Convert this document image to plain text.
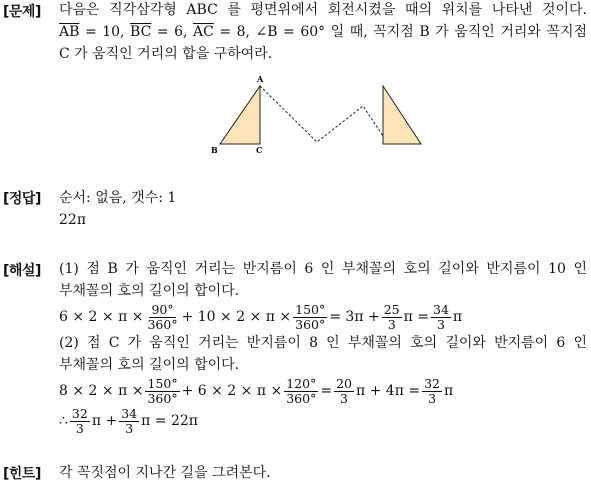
[문제] 다음은 직각삼각형 ABC 를 평면위에서 회전시켰을 때의 위치를 나타낸 것이다.
$\overline{AB} = 10$, $\overline{BC} = 6$, $\overline{AC} = 8$, ∠B = 60° 일 때, 꼭지점 B 가 움직인 거리와 꼭지점
C 가 움직인 거리의 합을 구하여라.
A
B	C
[정답] 순서: 없음, 갯수: 1
22π
[해설] (1) 점 B 가 움직인 거리는 반지름이 6 인 부채꼴의 호의 길이와 반지름이 10 인
부채꼴의 호의 길이의 합이다.
$6 \times 2 \times \pi \times \frac{90^\circ}{360^\circ} + 10 \times 2 \times \pi \times \frac{150^\circ}{360^\circ} = 3\pi + \frac{25}{3}$ $\pi = \frac{34}{3}$ π
(2) 점 C 가 움직인 거리는 반지름이 8 인 부채꼴의 호의 길이와 반지름이 6 인
부채꼴의 호의 길이의 합이다.
$8 \times 2 \times \pi \times \frac{150^\circ}{360^\circ} + 6 \times 2 \times \pi \times \frac{120^\circ}{360^\circ} = \frac{20}{3}$ $\pi + 4\pi = \frac{32}{3}$ π
∴ $\frac{32}{3}$ $\pi + \frac{34}{3}$ π = 22π
[힌트] 각 꼭짓점이 지나간 길을 그려본다.
